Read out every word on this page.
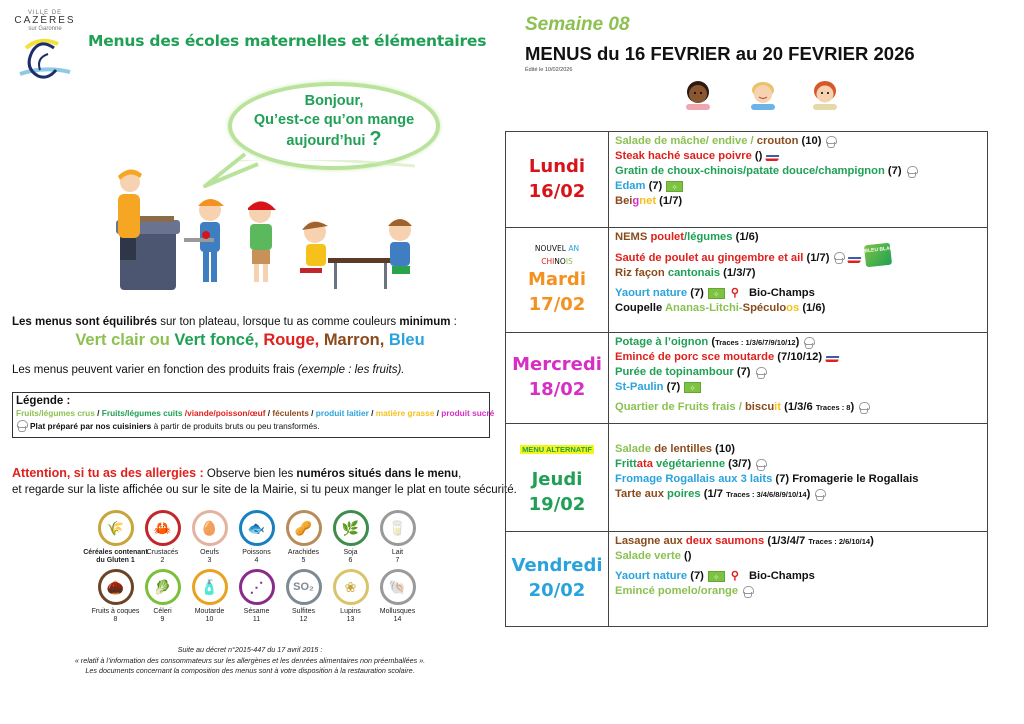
VILLE DE
CAZÈRES
sur Garonne
Menus des écoles maternelles et élémentaires
Bonjour,
Qu’est-ce qu’on mange
aujourd’hui ?
Les menus sont équilibrés sur ton plateau, lorsque tu as comme couleurs minimum :
Vert clair ou Vert foncé, Rouge, Marron, Bleu
Les menus peuvent varier en fonction des produits frais (exemple : les fruits).
Légende :
Fruits/légumes crus / Fruits/légumes cuits /viande/poisson/œuf / féculents / produit laitier / matière grasse / produit sucré
Plat préparé par nos cuisiniers à partir de produits bruts ou peu transformés.
Attention, si tu as des allergies : Observe bien les numéros situés dans le menu,
et regarde sur la liste affichée ou sur le site de la Mairie, si tu peux manger le plat en toute sécurité.
🌾
Céréales contenant
du Gluten 1
🦀
Crustacés
2
🥚
Oeufs
3
🐟
Poissons
4
🥜
Arachides
5
🌿
Soja
6
🥛
Lait
7
🌰
Fruits à coques
8
🥬
Céleri
9
🧴
Moutarde
10
⋰
Sésame
11
SO₂
Sulfites
12
❀
Lupins
13
🐚
Mollusques
14
Suite au décret n°2015-447 du 17 avril 2015 :
« relatif à l’information des consommateurs sur les allergènes et les denrées alimentaires non préemballées ».
Les documents concernant la composition des menus sont à votre disposition à la restauration scolaire.
Semaine 08
MENUS du 16 FEVRIER au 20 FEVRIER 2026
Édité le 10/02/2026
Lundi
16/02

Salade de mâche/ endive / crouton (10)
Steak haché sauce poivre ()
Gratin de choux-chinois/patate douce/champignon (7)
Edam (7)
✧
Beignet (1/7)

NOUVEL AN
CHINOIS
Mardi
17/02

NEMS poulet/légumes (1/6)
Sauté de poulet au gingembre et ail (1/7)
BLEU BLANC CŒUR
Riz façon cantonais (1/3/7)
Yaourt nature (7) ✧ ⚲ Bio-Champs
Coupelle Ananas-Litchi-Spéculoos (1/6)

Mercredi
18/02

Potage à l’oignon (Traces : 1/3/6/7/9/10/12)
Emincé de porc sce moutarde (7/10/12)
Purée de topinambour (7)
St-Paulin (7)
✧
Quartier de Fruits frais / biscuit (1/3/6 Traces : 8)

MENU ALTERNATIF
Jeudi
19/02

Salade de lentilles (10)
Frittata végétarienne (3/7)
Fromage Rogallais aux 3 laits (7) Fromagerie le Rogallais
Tarte aux poires (1/7 Traces : 3/4/6/8/9/10/14)

Vendredi
20/02

Lasagne aux deux saumons (1/3/4/7 Traces : 2/6/10/14)
Salade verte ()
Yaourt nature (7) ✧ ⚲ Bio-Champs
Emincé pomelo/orange
